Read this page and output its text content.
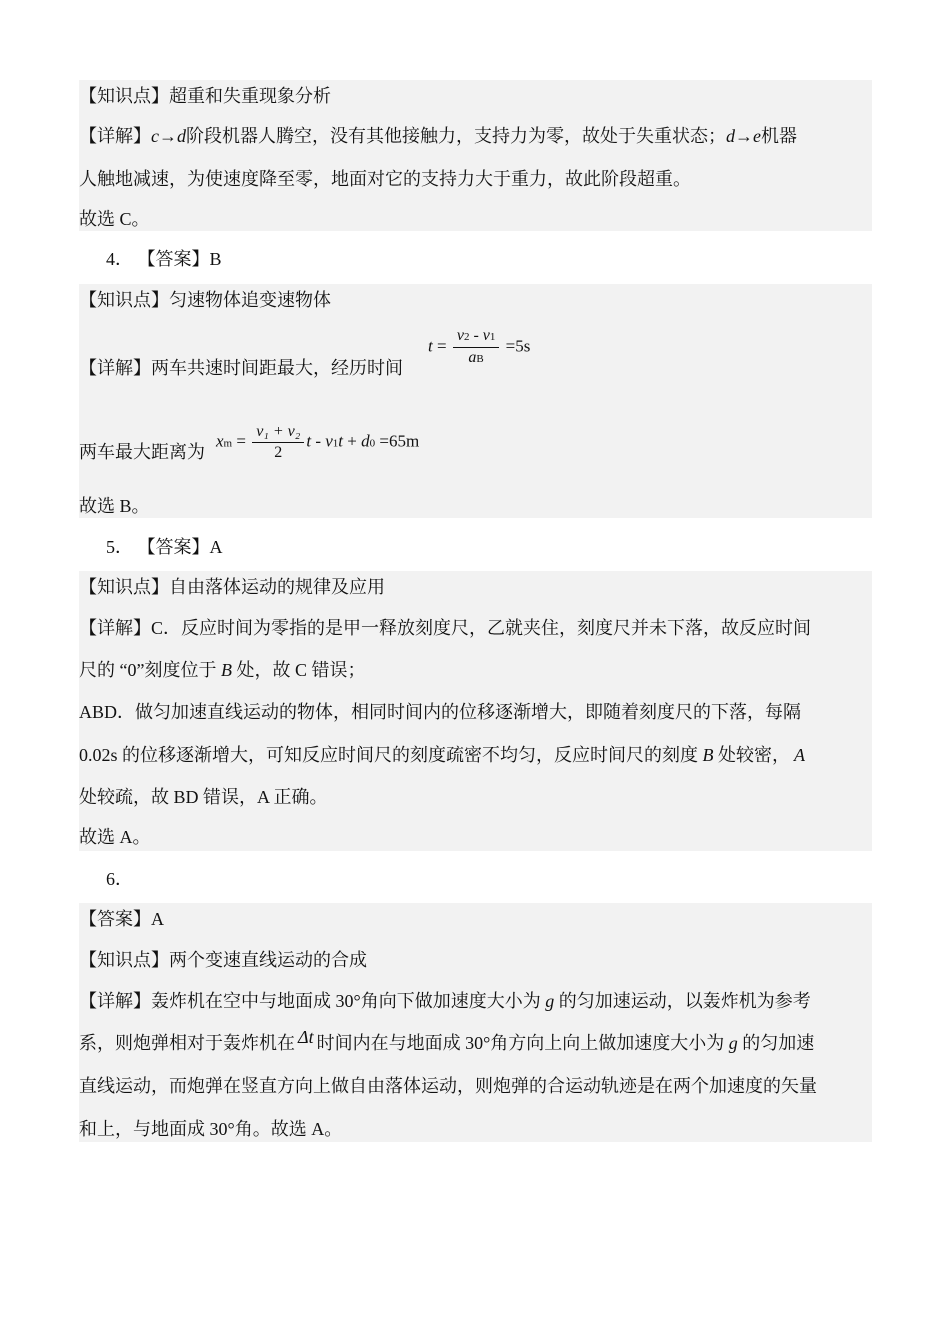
【知识点】超重和失重现象分析
【详解】c→d阶段机器人腾空，没有其他接触力，支持力为零，故处于失重状态；d→e机器
人触地减速，为使速度降至零，地面对它的支持力大于重力，故此阶段超重。
故选 C。
4． 【答案】B
【知识点】匀速物体追变速物体
【详解】两车共速时间距最大，经历时间
$t = \frac{v2 - v1}{aB} =5s$
两车最大距离为
xm = $\frac{\text{v₁ + v₂}}{2}$ t - v1t + d0 =65m
故选 B。
5． 【答案】A
【知识点】自由落体运动的规律及应用
【详解】C．反应时间为零指的是甲一释放刻度尺，乙就夹住，刻度尺并未下落，故反应时间
尺的 “0”刻度位于 B 处，故 C 错误；
ABD．做匀加速直线运动的物体，相同时间内的位移逐渐增大，即随着刻度尺的下落，每隔
0.02s 的位移逐渐增大，可知反应时间尺的刻度疏密不均匀，反应时间尺的刻度 B 处较密， A
处较疏，故 BD 错误，A 正确。
故选 A。
6．
【答案】A
【知识点】两个变速直线运动的合成
【详解】轰炸机在空中与地面成 30°角向下做加速度大小为 g 的匀加速运动，以轰炸机为参考
系，则炮弹相对于轰炸机在 Δt 时间内在与地面成 30°角方向上向上做加速度大小为 g 的匀加速
直线运动，而炮弹在竖直方向上做自由落体运动，则炮弹的合运动轨迹是在两个加速度的矢量
和上，与地面成 30°角。故选 A。
